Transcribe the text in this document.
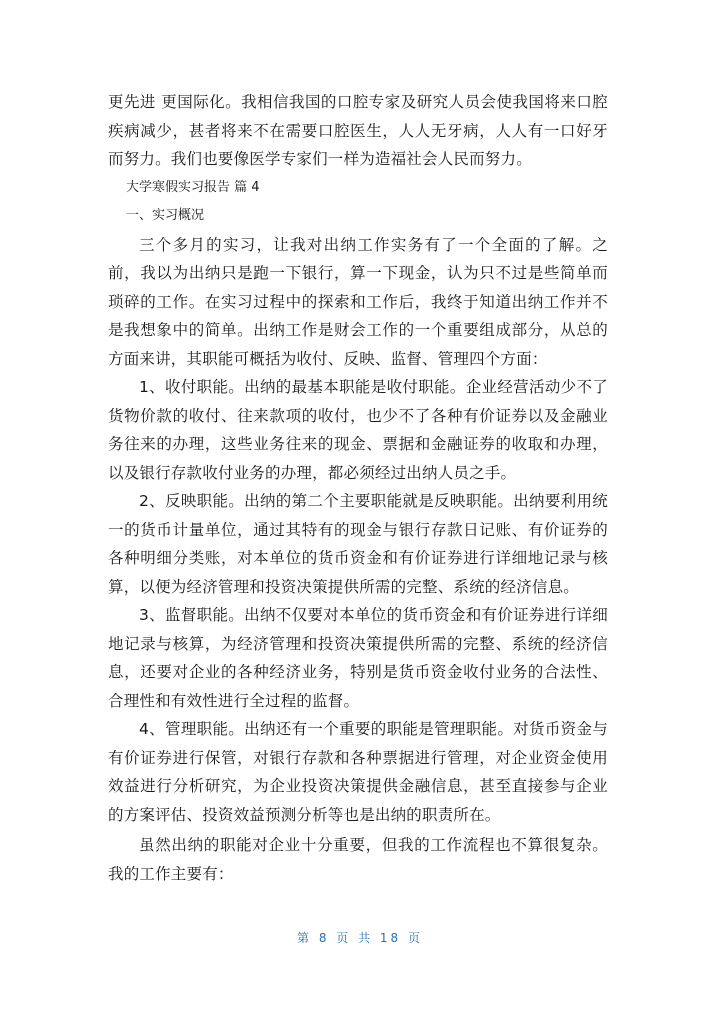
更先进 更国际化。我相信我国的口腔专家及研究人员会使我国将来口腔疾病减少，甚者将来不在需要口腔医生，人人无牙病，人人有一口好牙而努力。我们也要像医学专家们一样为造福社会人民而努力。

大学寒假实习报告 篇 4

一、实习概况

三个多月的实习，让我对出纳工作实务有了一个全面的了解。之前，我以为出纳只是跑一下银行，算一下现金，认为只不过是些简单而琐碎的工作。在实习过程中的探索和工作后，我终于知道出纳工作并不是我想象中的简单。出纳工作是财会工作的一个重要组成部分，从总的方面来讲，其职能可概括为收付、反映、监督、管理四个方面：

1、收付职能。出纳的最基本职能是收付职能。企业经营活动少不了货物价款的收付、往来款项的收付，也少不了各种有价证券以及金融业务往来的办理，这些业务往来的现金、票据和金融证券的收取和办理，以及银行存款收付业务的办理，都必须经过出纳人员之手。

2、反映职能。出纳的第二个主要职能就是反映职能。出纳要利用统一的货币计量单位，通过其特有的现金与银行存款日记账、有价证券的各种明细分类账，对本单位的货币资金和有价证券进行详细地记录与核算，以便为经济管理和投资决策提供所需的完整、系统的经济信息。

3、监督职能。出纳不仅要对本单位的货币资金和有价证券进行详细地记录与核算，为经济管理和投资决策提供所需的完整、系统的经济信息，还要对企业的各种经济业务，特别是货币资金收付业务的合法性、合理性和有效性进行全过程的监督。

4、管理职能。出纳还有一个重要的职能是管理职能。对货币资金与有价证券进行保管，对银行存款和各种票据进行管理，对企业资金使用效益进行分析研究，为企业投资决策提供金融信息，甚至直接参与企业的方案评估、投资效益预测分析等也是出纳的职责所在。

虽然出纳的职能对企业十分重要，但我的工作流程也不算很复杂。我的工作主要有：

第 8 页 共 18 页
